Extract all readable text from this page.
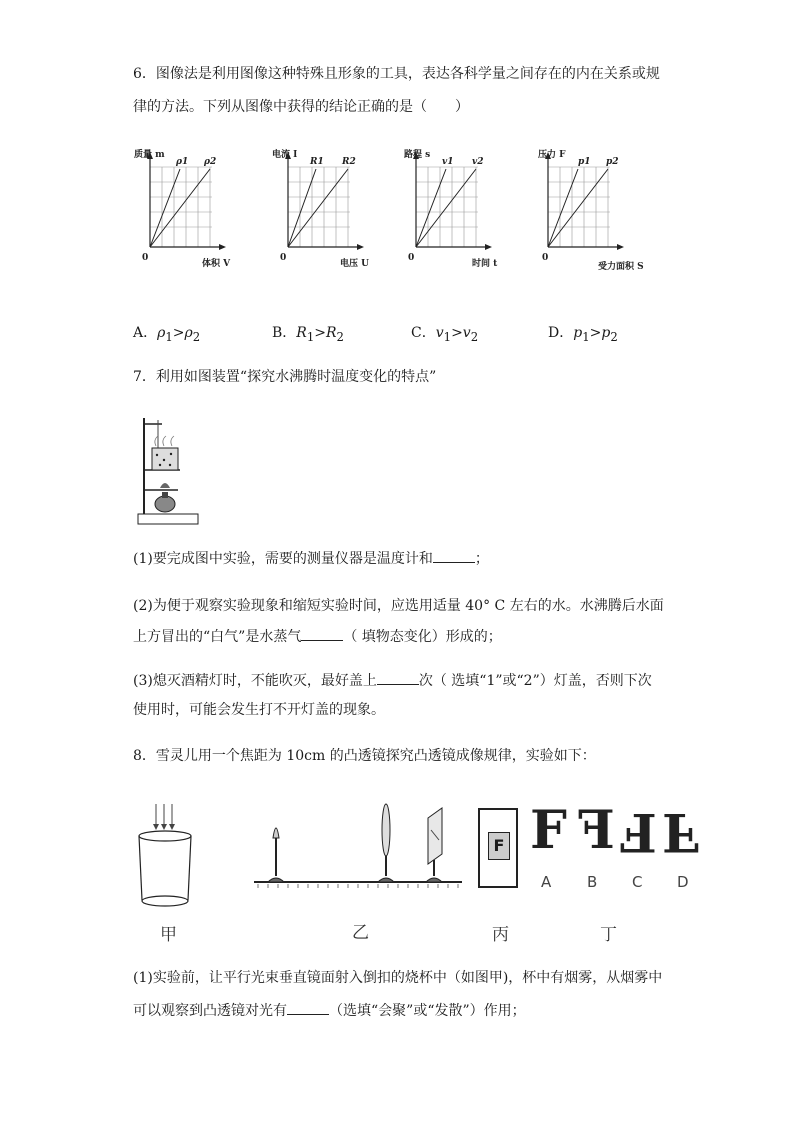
6．图像法是利用图像这种特殊且形象的工具，表达各科学量之间存在的内在关系或规
律的方法。下列从图像中获得的结论正确的是（　　）
质量 m
体积 V
0
ρ1 ρ2
电流 I
电压 U
0
R1 R2
路程 s
时间 t
0
v1 v2
压力 F
受力面积 S
0
p1 p2
A．$\rho_1>\rho_2$	B．$R_1>R_2$	C．$v_1>v_2$	D．$p_1>p_2$
7．利用如图装置“探究水沸腾时温度变化的特点”
(1)要完成图中实验，需要的测量仪器是温度计和	；
(2)为便于观察实验现象和缩短实验时间，应选用适量 40° C 左右的水。水沸腾后水面
上方冒出的“白气”是水蒸气	（ 填物态变化）形成的；
(3)熄灭酒精灯时，不能吹灭，最好盖上	次（ 选填“1”或“2”）灯盖，否则下次
使用时，可能会发生打不开灯盖的现象。
8．雪灵儿用一个焦距为 10cm 的凸透镜探究凸透镜成像规律，实验如下：
甲	乙
F
丙
F F F F
A B C D
丁
(1)实验前，让平行光束垂直镜面射入倒扣的烧杯中（如图甲)，杯中有烟雾，从烟雾中
可以观察到凸透镜对光有	（选填“会聚”或“发散”）作用；
